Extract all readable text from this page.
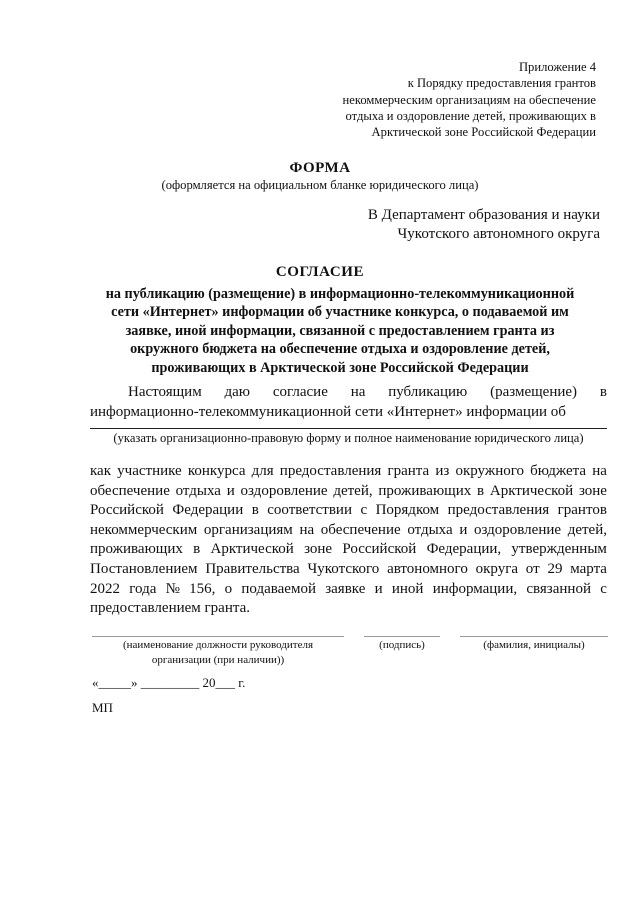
Приложение 4
к Порядку предоставления грантов
некоммерческим организациям на обеспечение
отдыха и оздоровление детей, проживающих в
Арктической зоне Российской Федерации
ФОРМА
(оформляется на официальном бланке юридического лица)
В Департамент образования и науки
Чукотского автономного округа
СОГЛАСИЕ
на публикацию (размещение) в информационно-телекоммуникационной
сети «Интернет» информации об участнике конкурса, о подаваемой им
заявке, иной информации, связанной с предоставлением гранта из
окружного бюджета на обеспечение отдыха и оздоровление детей,
проживающих в Арктической зоне Российской Федерации
Настоящим даю согласие на публикацию (размещение) в
информационно-телекоммуникационной сети «Интернет» информации об
(указать организационно-правовую форму и полное наименование юридического лица)
как участнике конкурса для предоставления гранта из окружного бюджета на
обеспечение отдыха и оздоровление детей, проживающих в Арктической зоне
Российской Федерации в соответствии с Порядком предоставления грантов
некоммерческим организациям на обеспечение отдыха и оздоровление детей,
проживающих в Арктической зоне Российской Федерации, утвержденным
Постановлением Правительства Чукотского автономного округа от 29 марта
2022 года № 156, о подаваемой заявке и иной информации, связанной с
предоставлением гранта.
(наименование должности руководителя
организации (при наличии))
(подпись)	(фамилия, инициалы)
«_____» _________ 20___ г.
МП
